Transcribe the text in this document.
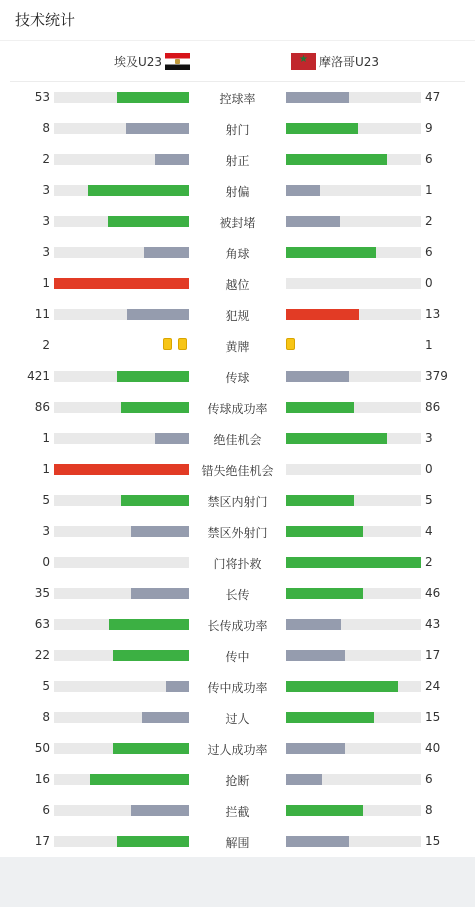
技术统计
埃及U23
★	摩洛哥U23
53	控球率	47
8	射门	9
2	射正	6
3	射偏	1
3	被封堵	2
3	角球	6
1	越位	0
11	犯规	13
2	黄牌	1
421	传球	379
86	传球成功率	86
1	绝佳机会	3
1	错失绝佳机会	0
5	禁区内射门	5
3	禁区外射门	4
0	门将扑救	2
35	长传	46
63	长传成功率	43
22	传中	17
5	传中成功率	24
8	过人	15
50	过人成功率	40
16	抢断	6
6	拦截	8
17	解围	15
